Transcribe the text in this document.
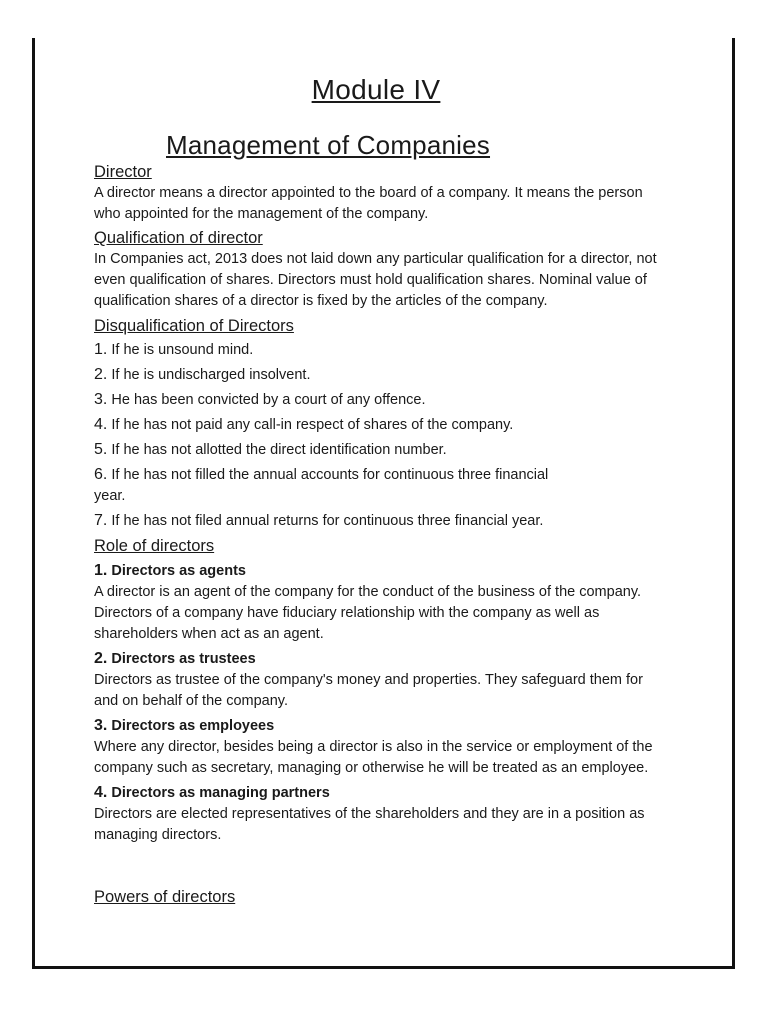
Module IV
Management of Companies
Director

A director means a director appointed to the board of a company. It means the person who appointed for the management of the company.

Qualification of director

In Companies act, 2013 does not laid down any particular qualification for a director, not even qualification of shares. Directors must hold qualification shares. Nominal value of qualification shares of a director is fixed by the articles of the company.

Disqualification of Directors
1. If he is unsound mind.
2. If he is undischarged insolvent.
3. He has been convicted by a court of any offence.
4. If he has not paid any call-in respect of shares of the company.
5. If he has not allotted the direct identification number.
6. If he has not filled the annual accounts for continuous three financial year.
7. If he has not filed annual returns for continuous three financial year.
Role of directors
1. Directors as agents

A director is an agent of the company for the conduct of the business of the company. Directors of a company have fiduciary relationship with the company as well as shareholders when act as an agent.

2. Directors as trustees

Directors as trustee of the company's money and properties. They safeguard them for and on behalf of the company.

3. Directors as employees

Where any director, besides being a director is also in the service or employment of the company such as secretary, managing or otherwise he will be treated as an employee.

4. Directors as managing partners

Directors are elected representatives of the shareholders and they are in a position as managing directors.

Powers of directors
